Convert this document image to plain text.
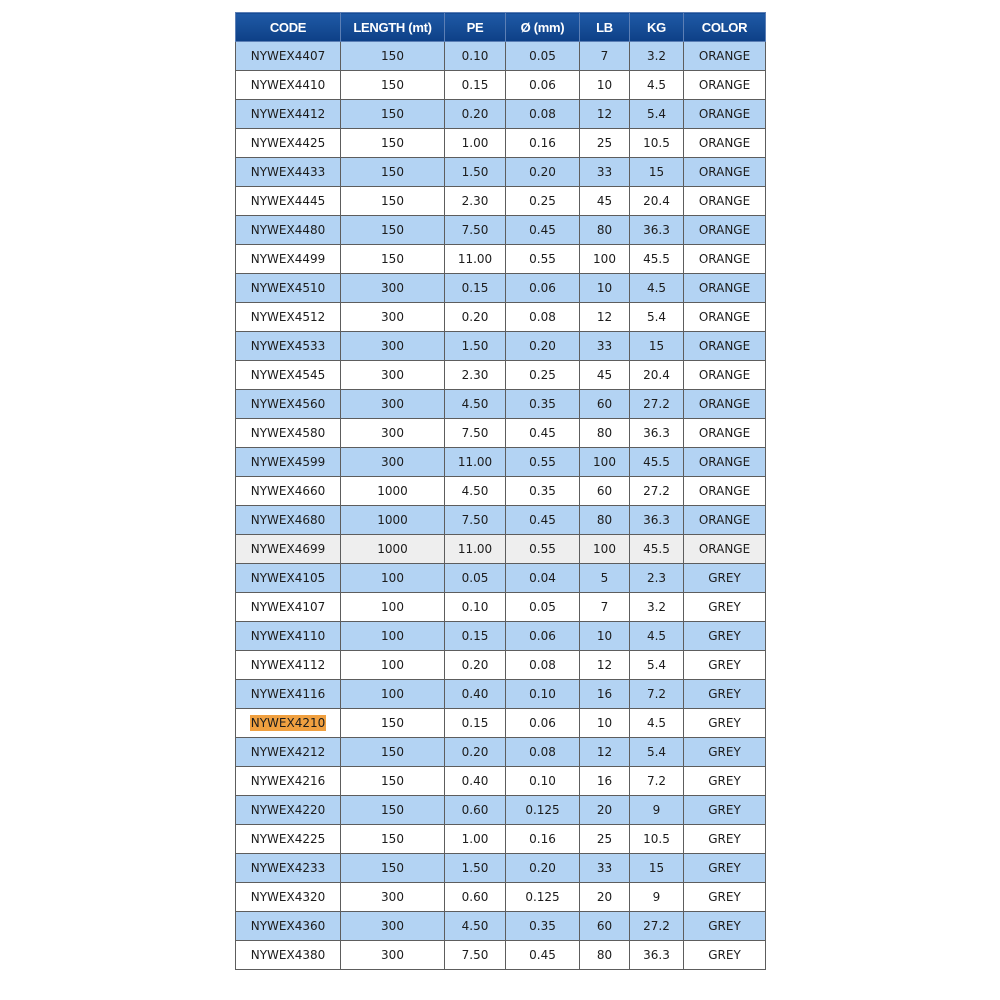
CODE	LENGTH (mt)	PE	Ø (mm)	LB	KG	COLOR
NYWEX4407	150	0.10	0.05	7	3.2	ORANGE
NYWEX4410	150	0.15	0.06	10	4.5	ORANGE
NYWEX4412	150	0.20	0.08	12	5.4	ORANGE
NYWEX4425	150	1.00	0.16	25	10.5	ORANGE
NYWEX4433	150	1.50	0.20	33	15	ORANGE
NYWEX4445	150	2.30	0.25	45	20.4	ORANGE
NYWEX4480	150	7.50	0.45	80	36.3	ORANGE
NYWEX4499	150	11.00	0.55	100	45.5	ORANGE
NYWEX4510	300	0.15	0.06	10	4.5	ORANGE
NYWEX4512	300	0.20	0.08	12	5.4	ORANGE
NYWEX4533	300	1.50	0.20	33	15	ORANGE
NYWEX4545	300	2.30	0.25	45	20.4	ORANGE
NYWEX4560	300	4.50	0.35	60	27.2	ORANGE
NYWEX4580	300	7.50	0.45	80	36.3	ORANGE
NYWEX4599	300	11.00	0.55	100	45.5	ORANGE
NYWEX4660	1000	4.50	0.35	60	27.2	ORANGE
NYWEX4680	1000	7.50	0.45	80	36.3	ORANGE
NYWEX4699	1000	11.00	0.55	100	45.5	ORANGE
NYWEX4105	100	0.05	0.04	5	2.3	GREY
NYWEX4107	100	0.10	0.05	7	3.2	GREY
NYWEX4110	100	0.15	0.06	10	4.5	GREY
NYWEX4112	100	0.20	0.08	12	5.4	GREY
NYWEX4116	100	0.40	0.10	16	7.2	GREY
NYWEX4210	150	0.15	0.06	10	4.5	GREY
NYWEX4212	150	0.20	0.08	12	5.4	GREY
NYWEX4216	150	0.40	0.10	16	7.2	GREY
NYWEX4220	150	0.60	0.125	20	9	GREY
NYWEX4225	150	1.00	0.16	25	10.5	GREY
NYWEX4233	150	1.50	0.20	33	15	GREY
NYWEX4320	300	0.60	0.125	20	9	GREY
NYWEX4360	300	4.50	0.35	60	27.2	GREY
NYWEX4380	300	7.50	0.45	80	36.3	GREY
